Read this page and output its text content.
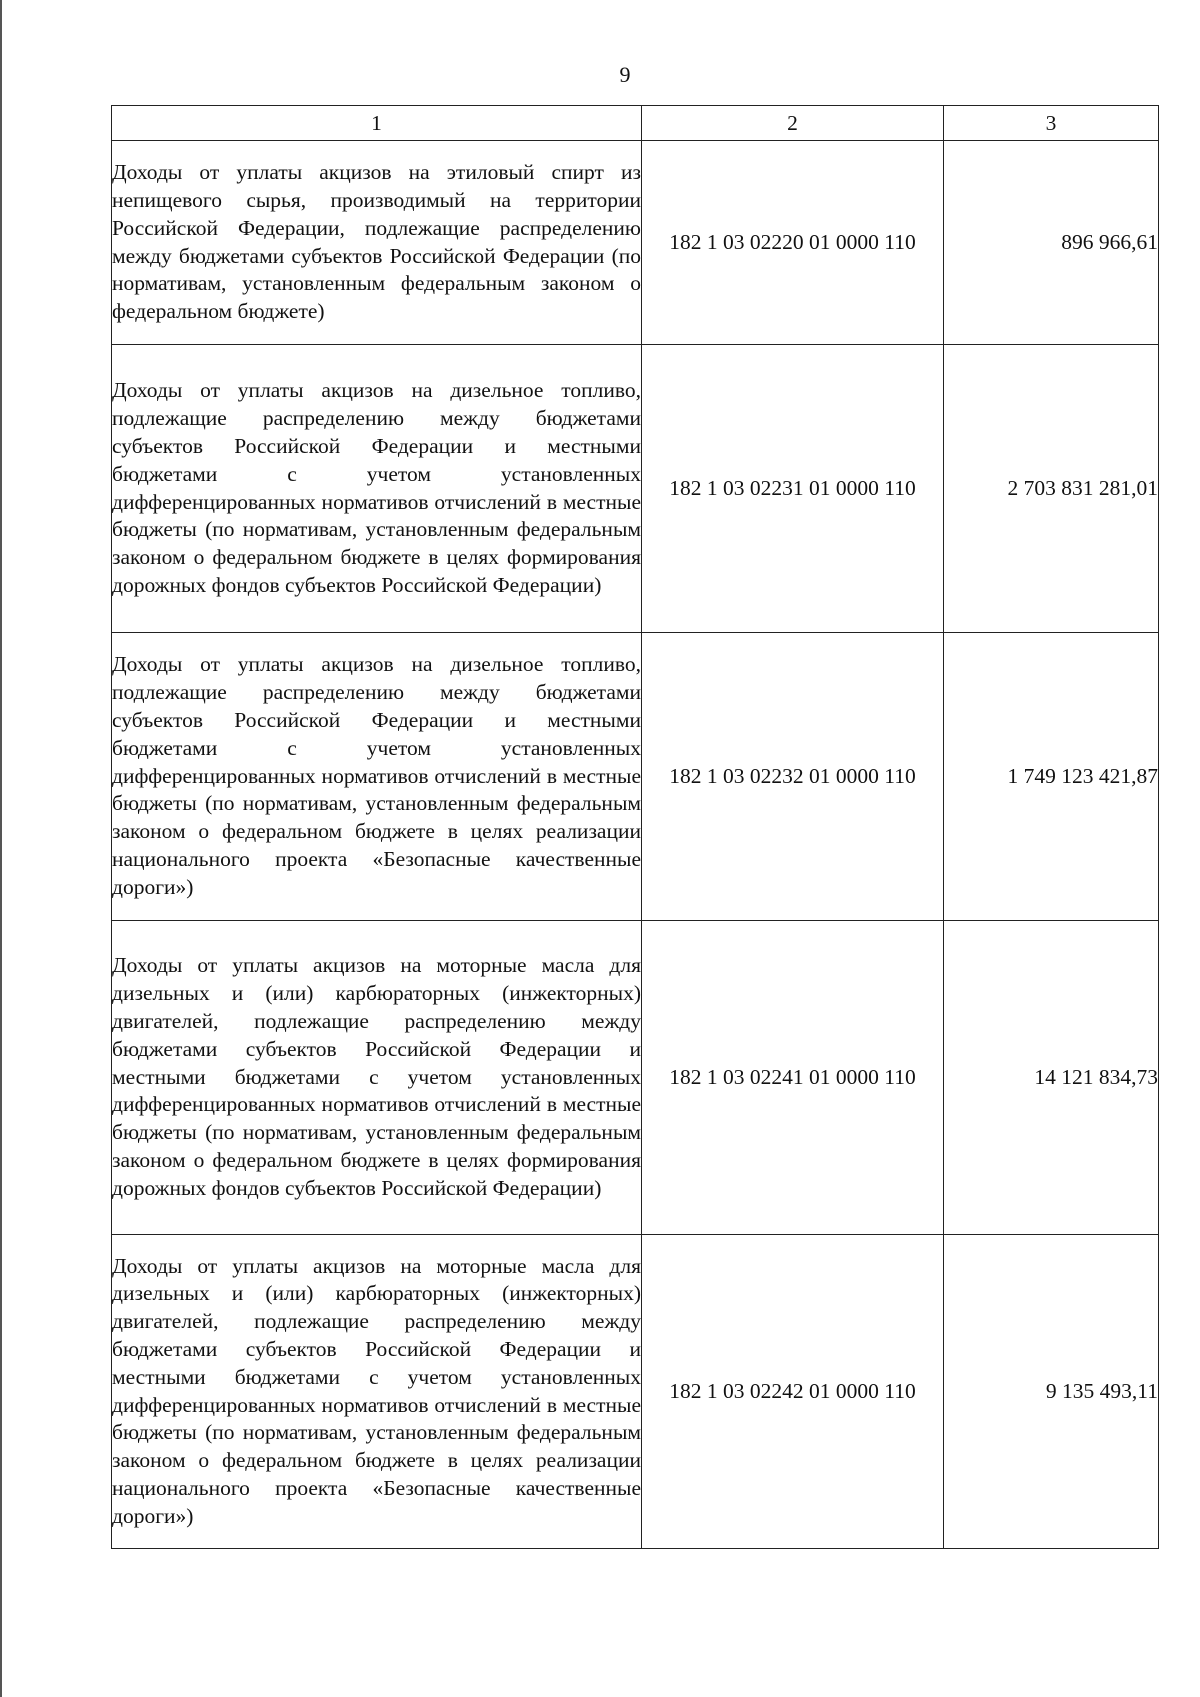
9
1	2	3
Доходы от уплаты акцизов на этиловый спирт из непищевого сырья, производимый на территории Российской Федерации, подлежащие распределению между бюджетами субъектов Российской Федерации (по нормативам, установленным федеральным законом о федеральном бюджете)	182 1 03 02220 01 0000 110	896 966,61
Доходы от уплаты акцизов на дизельное топливо, подлежащие распределению между бюджетами субъектов Российской Федерации и местными бюджетами с учетом установленных дифференцированных нормативов отчислений в местные бюджеты (по нормативам, установленным федеральным законом о федеральном бюджете в целях формирования дорожных фондов субъектов Российской Федерации)	182 1 03 02231 01 0000 110	2 703 831 281,01
Доходы от уплаты акцизов на дизельное топливо, подлежащие распределению между бюджетами субъектов Российской Федерации и местными бюджетами с учетом установленных дифференцированных нормативов отчислений в местные бюджеты (по нормативам, установленным федеральным законом о федеральном бюджете в целях реализации национального проекта «Безопасные качественные дороги»)	182 1 03 02232 01 0000 110	1 749 123 421,87
Доходы от уплаты акцизов на моторные масла для дизельных и (или) карбюраторных (инжекторных) двигателей, подлежащие распределению между бюджетами субъектов Российской Федерации и местными бюджетами с учетом установленных дифференцированных нормативов отчислений в местные бюджеты (по нормативам, установленным федеральным законом о федеральном бюджете в целях формирования дорожных фондов субъектов Российской Федерации)	182 1 03 02241 01 0000 110	14 121 834,73
Доходы от уплаты акцизов на моторные масла для дизельных и (или) карбюраторных (инжекторных) двигателей, подлежащие распределению между бюджетами субъектов Российской Федерации и местными бюджетами с учетом установленных дифференцированных нормативов отчислений в местные бюджеты (по нормативам, установленным федеральным законом о федеральном бюджете в целях реализации национального проекта «Безопасные качественные дороги»)	182 1 03 02242 01 0000 110	9 135 493,11
